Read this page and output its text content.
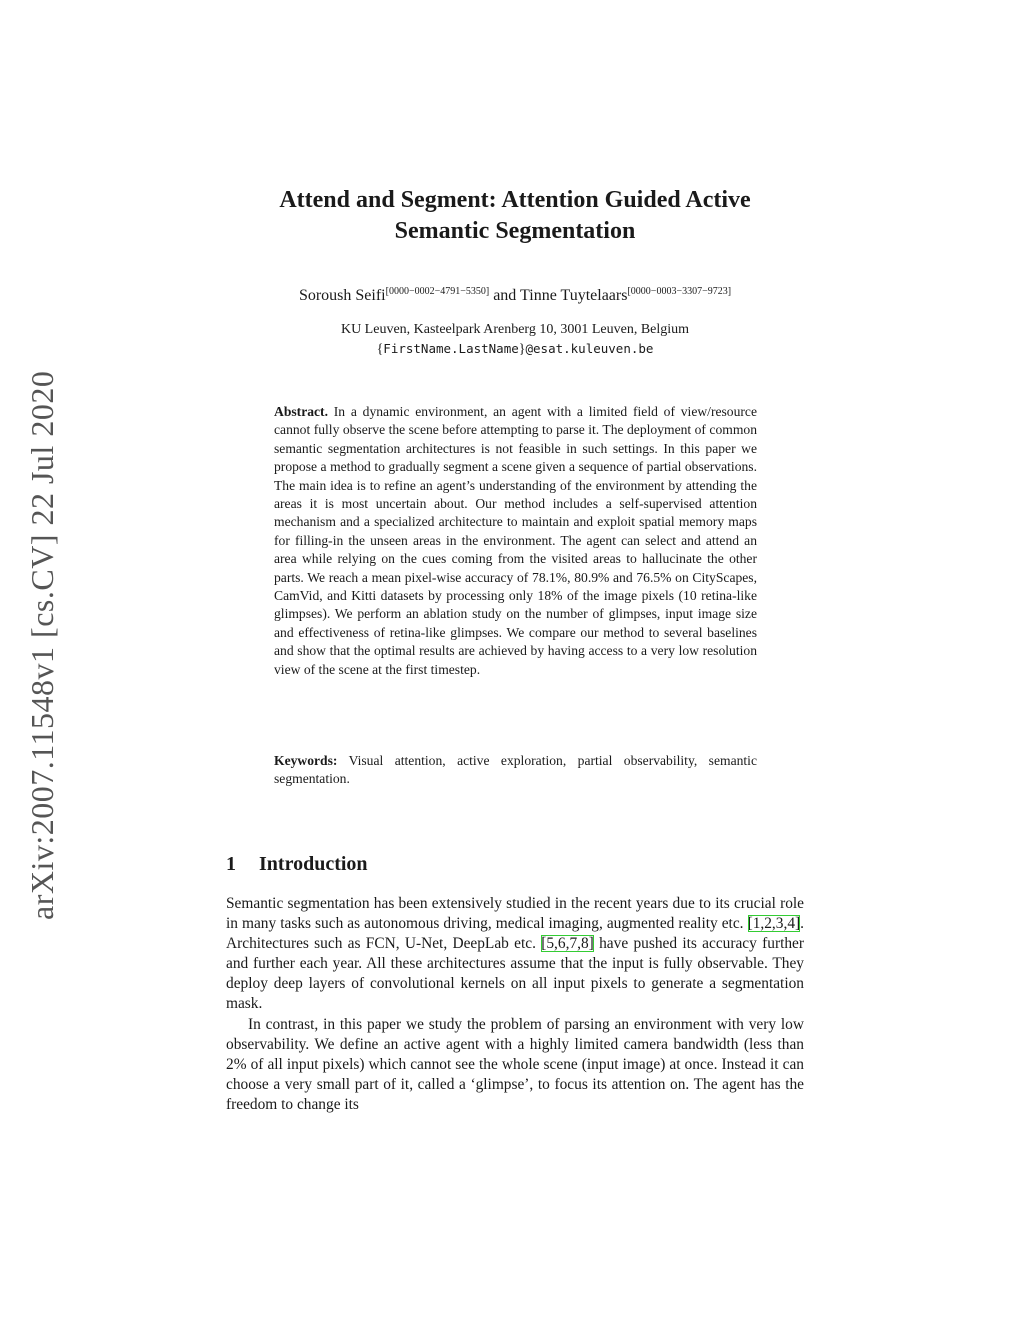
arXiv:2007.11548v1 [cs.CV] 22 Jul 2020
Attend and Segment: Attention Guided Active
Semantic Segmentation
Soroush Seifi[0000−0002−4791−5350] and Tinne Tuytelaars[0000−0003−3307−9723]
KU Leuven, Kasteelpark Arenberg 10, 3001 Leuven, Belgium
{FirstName.LastName}@esat.kuleuven.be
Abstract. In a dynamic environment, an agent with a limited field of view/resource cannot fully observe the scene before attempting to parse it. The deployment of common semantic segmentation architectures is not feasible in such settings. In this paper we propose a method to gradually segment a scene given a sequence of partial observations. The main idea is to refine an agent’s understanding of the environment by attending the areas it is most uncertain about. Our method includes a self-supervised attention mechanism and a specialized architecture to maintain and exploit spatial memory maps for filling-in the unseen areas in the environment. The agent can select and attend an area while relying on the cues coming from the visited areas to hallucinate the other parts. We reach a mean pixel-wise accuracy of 78.1%, 80.9% and 76.5% on CityScapes, CamVid, and Kitti datasets by processing only 18% of the image pixels (10 retina-like glimpses). We perform an ablation study on the number of glimpses, input image size and effectiveness of retina-like glimpses. We compare our method to several baselines and show that the optimal results are achieved by having access to a very low resolution view of the scene at the first timestep.
Keywords: Visual attention, active exploration, partial observability, semantic segmentation.
1 Introduction

Semantic segmentation has been extensively studied in the recent years due to its crucial role in many tasks such as autonomous driving, medical imaging, augmented reality etc. [1,2,3,4]. Architectures such as FCN, U-Net, DeepLab etc. [5,6,7,8] have pushed its accuracy further and further each year. All these architectures assume that the input is fully observable. They deploy deep layers of convolutional kernels on all input pixels to generate a segmentation mask.

In contrast, in this paper we study the problem of parsing an environment with very low observability. We define an active agent with a highly limited camera bandwidth (less than 2% of all input pixels) which cannot see the whole scene (input image) at once. Instead it can choose a very small part of it, called a ‘glimpse’, to focus its attention on. The agent has the freedom to change its
